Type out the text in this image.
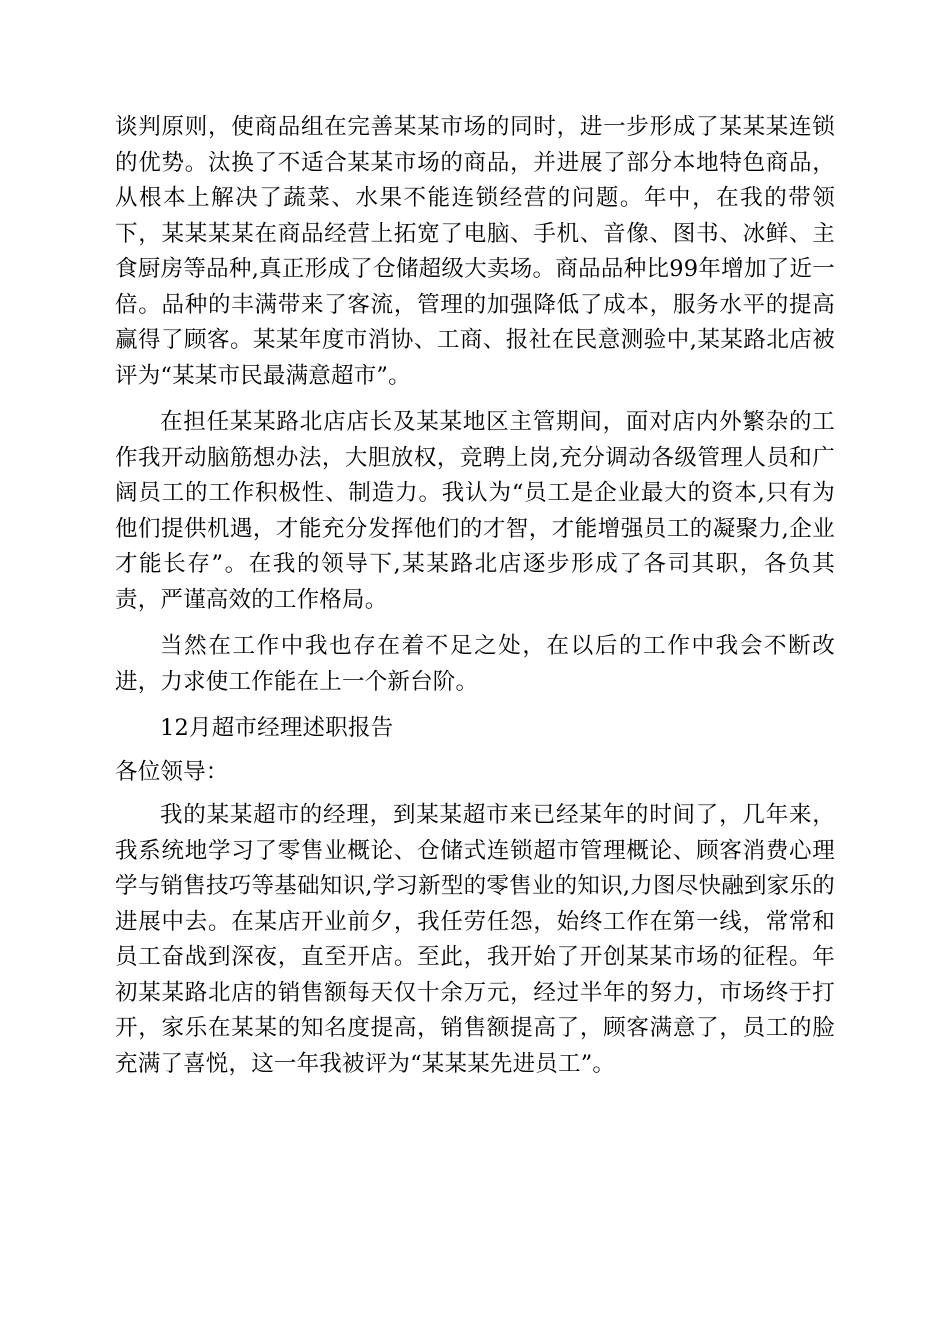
谈判原则，使商品组在完善某某市场的同时，进一步形成了某某某连锁的优势。汰换了不适合某某市场的商品，并进展了部分本地特色商品，从根本上解决了蔬菜、水果不能连锁经营的问题。年中，在我的带领下，某某某某在商品经营上拓宽了电脑、手机、音像、图书、冰鲜、主食厨房等品种,真正形成了仓储超级大卖场。商品品种比99年增加了近一倍。品种的丰满带来了客流，管理的加强降低了成本，服务水平的提高赢得了顾客。某某年度市消协、工商、报社在民意测验中,某某路北店被评为“某某市民最满意超市”。

在担任某某路北店店长及某某地区主管期间，面对店内外繁杂的工作我开动脑筋想办法，大胆放权，竞聘上岗,充分调动各级管理人员和广阔员工的工作积极性、制造力。我认为“员工是企业最大的资本,只有为他们提供机遇，才能充分发挥他们的才智，才能增强员工的凝聚力,企业才能长存”。在我的领导下,某某路北店逐步形成了各司其职，各负其责，严谨高效的工作格局。

当然在工作中我也存在着不足之处，在以后的工作中我会不断改进，力求使工作能在上一个新台阶。

12月超市经理述职报告

各位领导：

我的某某超市的经理，到某某超市来已经某年的时间了，几年来，我系统地学习了零售业概论、仓储式连锁超市管理概论、顾客消费心理学与销售技巧等基础知识,学习新型的零售业的知识,力图尽快融到家乐的进展中去。在某店开业前夕，我任劳任怨，始终工作在第一线，常常和员工奋战到深夜，直至开店。至此，我开始了开创某某市场的征程。年初某某路北店的销售额每天仅十余万元，经过半年的努力，市场终于打开，家乐在某某的知名度提高，销售额提高了，顾客满意了，员工的脸充满了喜悦，这一年我被评为“某某某先进员工”。
